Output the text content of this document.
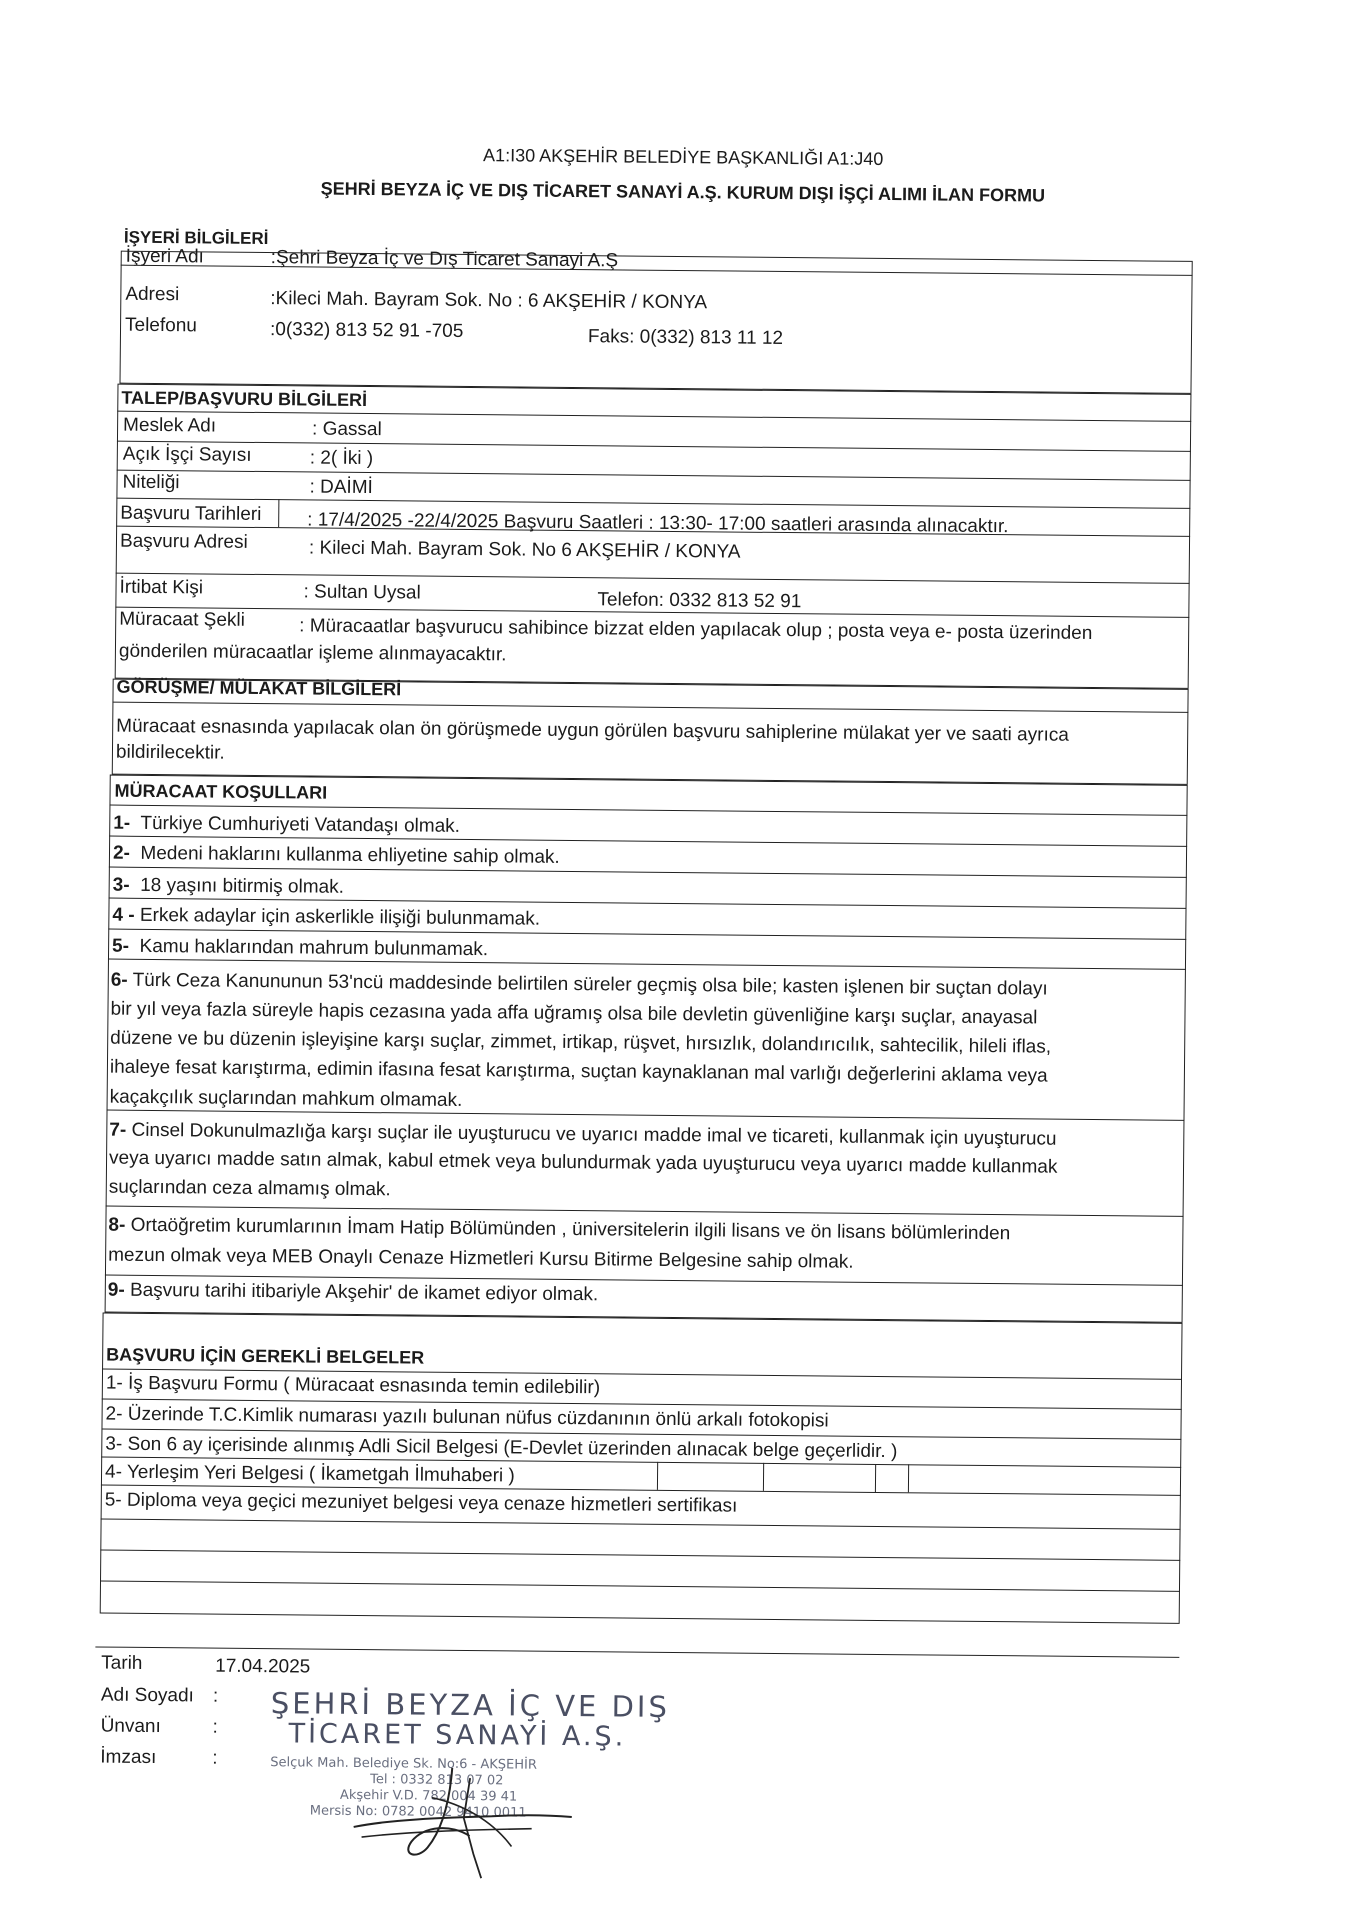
A1:I30 AKŞEHİR BELEDİYE BAŞKANLIĞI A1:J40
ŞEHRİ BEYZA İÇ VE DIŞ TİCARET SANAYİ A.Ş. KURUM DIŞI İŞÇİ ALIMI İLAN FORMU
İŞYERİ BİLGİLERİ
İşyeri Adı	:Şehri Beyza İç ve Dış Ticaret Sanayi A.Ş
Adresi	:Kileci Mah. Bayram Sok. No : 6 AKŞEHİR / KONYA
Telefonu	:0(332) 813 52 91 -705	Faks: 0(332) 813 11 12
TALEP/BAŞVURU BİLGİLERİ
Meslek Adı	: Gassal
Açık İşçi Sayısı	: 2( İki )
Niteliği	: DAİMİ
Başvuru Tarihleri : 17/4/2025 -22/4/2025 Başvuru Saatleri : 13:30- 17:00 saatleri arasında alınacaktır.
Başvuru Adresi	: Kileci Mah. Bayram Sok. No 6 AKŞEHİR / KONYA
İrtibat Kişi	: Sultan Uysal	Telefon: 0332 813 52 91
Müracaat Şekli	: Müracaatlar başvurucu sahibince bizzat elden yapılacak olup ; posta veya e- posta üzerinden
gönderilen müracaatlar işleme alınmayacaktır.
GÖRÜŞME/ MÜLAKAT BİLGİLERİ
Müracaat esnasında yapılacak olan ön görüşmede uygun görülen başvuru sahiplerine mülakat yer ve saati ayrıca
bildirilecektir.
MÜRACAAT KOŞULLARI
1- Türkiye Cumhuriyeti Vatandaşı olmak.
2- Medeni haklarını kullanma ehliyetine sahip olmak.
3- 18 yaşını bitirmiş olmak.
4 - Erkek adaylar için askerlikle ilişiği bulunmamak.
5- Kamu haklarından mahrum bulunmamak.
6- Türk Ceza Kanununun 53'ncü maddesinde belirtilen süreler geçmiş olsa bile; kasten işlenen bir suçtan dolayı
bir yıl veya fazla süreyle hapis cezasına yada affa uğramış olsa bile devletin güvenliğine karşı suçlar, anayasal
düzene ve bu düzenin işleyişine karşı suçlar, zimmet, irtikap, rüşvet, hırsızlık, dolandırıcılık, sahtecilik, hileli iflas,
ihaleye fesat karıştırma, edimin ifasına fesat karıştırma, suçtan kaynaklanan mal varlığı değerlerini aklama veya
kaçakçılık suçlarından mahkum olmamak.
7- Cinsel Dokunulmazlığa karşı suçlar ile uyuşturucu ve uyarıcı madde imal ve ticareti, kullanmak için uyuşturucu
veya uyarıcı madde satın almak, kabul etmek veya bulundurmak yada uyuşturucu veya uyarıcı madde kullanmak
suçlarından ceza almamış olmak.
8- Ortaöğretim kurumlarının İmam Hatip Bölümünden , üniversitelerin ilgili lisans ve ön lisans bölümlerinden
mezun olmak veya MEB Onaylı Cenaze Hizmetleri Kursu Bitirme Belgesine sahip olmak.
9- Başvuru tarihi itibariyle Akşehir' de ikamet ediyor olmak.
BAŞVURU İÇİN GEREKLİ BELGELER
1- İş Başvuru Formu ( Müracaat esnasında temin edilebilir)
2- Üzerinde T.C.Kimlik numarası yazılı bulunan nüfus cüzdanının önlü arkalı fotokopisi
3- Son 6 ay içerisinde alınmış Adli Sicil Belgesi (E-Devlet üzerinden alınacak belge geçerlidir. )
4- Yerleşim Yeri Belgesi ( İkametgah İlmuhaberi )
5- Diploma veya geçici mezuniyet belgesi veya cenaze hizmetleri sertifikası
Tarih	17.04.2025
Adı Soyadı :
Ünvanı	:
İmzası	:
ŞEHRİ BEYZA İÇ VE DIŞ
TİCARET SANAYİ A.Ş.
Selçuk Mah. Belediye Sk. No:6 - AKŞEHİR
Tel : 0332 813 07 02
Akşehir V.D. 782 004 39 41
Mersis No: 0782 0042 9410 0011
